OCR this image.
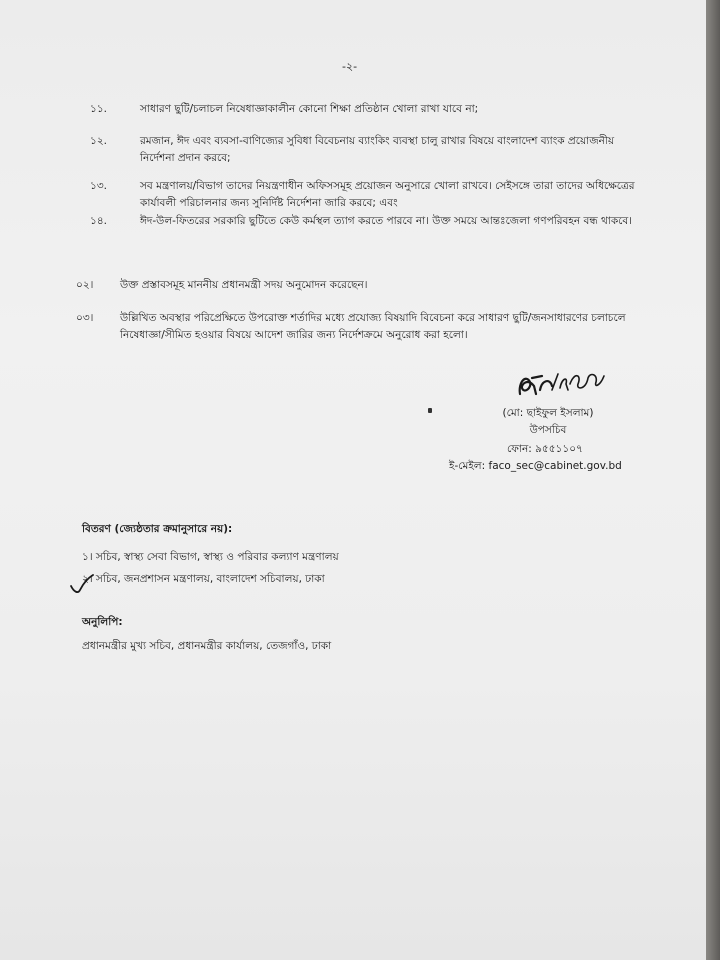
-২-
১১.	সাধারণ ছুটি/চলাচল নিষেধাজ্ঞাকালীন কোনো শিক্ষা প্রতিষ্ঠান খোলা রাখা যাবে না;
১২.	রমজান, ঈদ এবং ব্যবসা-বাণিজ্যের সুবিধা বিবেচনায় ব্যাংকিং ব্যবস্থা চালু রাখার বিষয়ে বাংলাদেশ ব্যাংক প্রয়োজনীয় নির্দেশনা প্রদান করবে;
১৩.	সব মন্ত্রণালয়/বিভাগ তাদের নিয়ন্ত্রণাধীন অফিসসমূহ প্রয়োজন অনুসারে খোলা রাখবে। সেইসঙ্গে তারা তাদের অধিক্ষেত্রের কার্যাবলী পরিচালনার জন্য সুনির্দিষ্ট নির্দেশনা জারি করবে; এবং
১৪.	ঈদ-উল-ফিতরের সরকারি ছুটিতে কেউ কর্মস্থল ত্যাগ করতে পারবে না। উক্ত সময়ে আন্তঃজেলা গণপরিবহন বন্ধ থাকবে।
০২।	উক্ত প্রস্তাবসমূহ মাননীয় প্রধানমন্ত্রী সদয় অনুমোদন করেছেন।
০৩।	উল্লিখিত অবস্থার পরিপ্রেক্ষিতে উপরোক্ত শর্তাদির মধ্যে প্রযোজ্য বিষয়াদি বিবেচনা করে সাধারণ ছুটি/জনসাধারণের চলাচলে নিষেধাজ্ঞা/সীমিত হওয়ার বিষয়ে আদেশ জারির জন্য নির্দেশক্রমে অনুরোধ করা হলো।
(মো: ছাইফুল ইসলাম)
উপসচিব
ফোন: ৯৫৫১১০৭
ই-মেইল: faco_sec@cabinet.gov.bd
বিতরণ (জ্যেষ্ঠতার ক্রমানুসারে নয়):
১। সচিব, স্বাস্থ্য সেবা বিভাগ, স্বাস্থ্য ও পরিবার কল্যাণ মন্ত্রণালয়
২। সচিব, জনপ্রশাসন মন্ত্রণালয়, বাংলাদেশ সচিবালয়, ঢাকা
অনুলিপি:
প্রধানমন্ত্রীর মুখ্য সচিব, প্রধানমন্ত্রীর কার্যালয়, তেজগাঁও, ঢাকা
